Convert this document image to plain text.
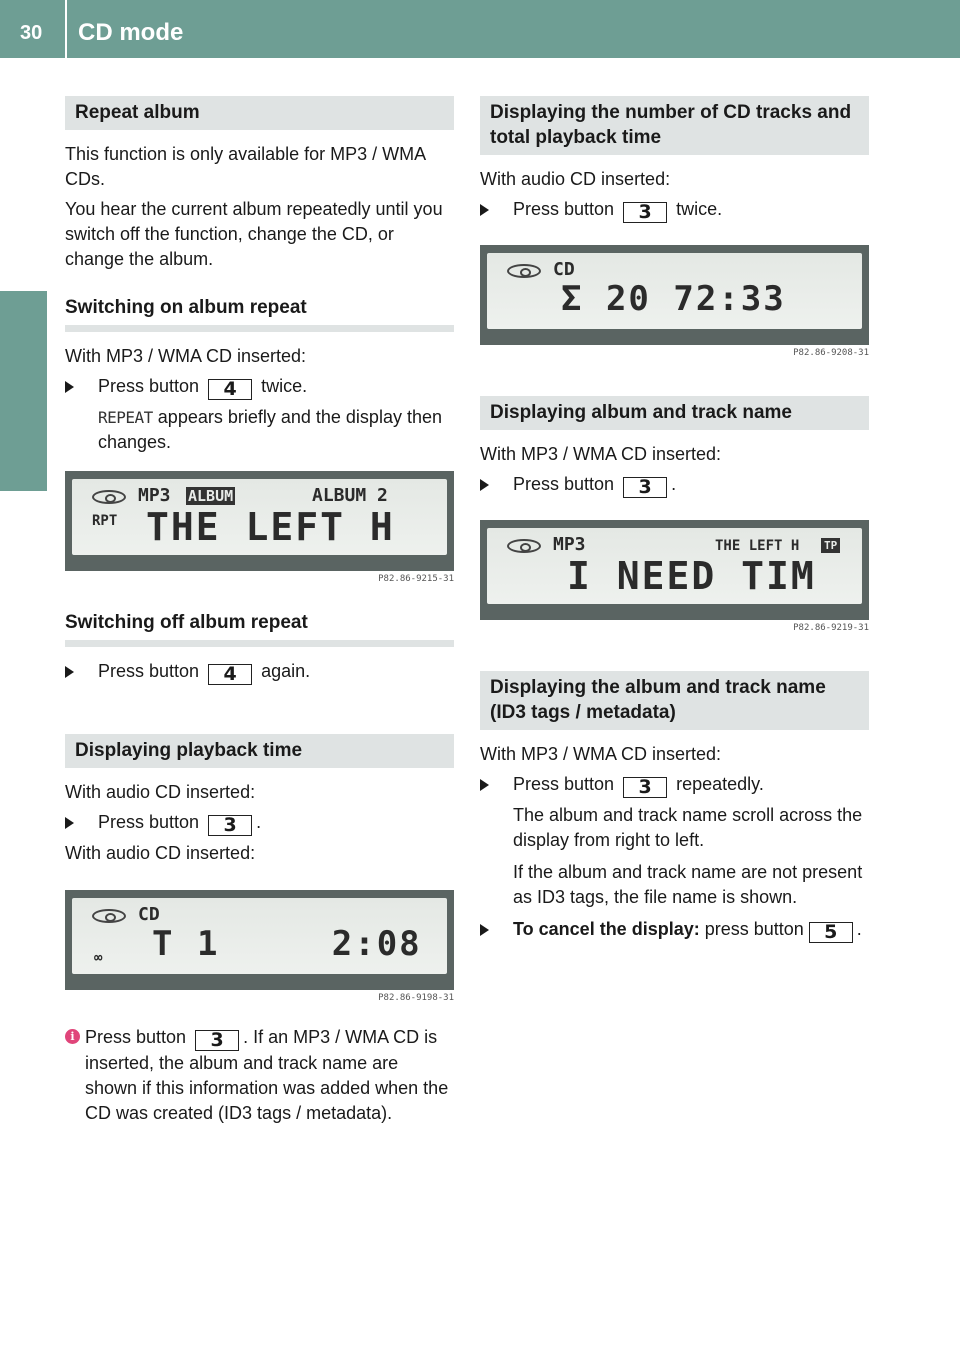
30 CD mode
CD mode
Repeat album

This function is only available for MP3 / WMA CDs.

You hear the current album repeatedly until you switch off the function, change the CD, or change the album.

Switching on album repeat

With MP3 / WMA CD inserted:

Press button 4 twice.
REPEAT appears briefly and the display then changes.
MP3 ALBUM	ALBUM 2
RPT THE LEFT H
P82.86-9215-31
Switching off album repeat
Press button 4 again.
Displaying playback time

With audio CD inserted:

Press button 3 .

With audio CD inserted:

CD
∞ T 1     2:08
P82.86-9198-31
i Press button 3 . If an MP3 / WMA CD is inserted, the album and track name are shown if this information was added when the CD was created (ID3 tags / metadata).
Displaying the number of CD tracks and total playback time

With audio CD inserted:

Press button 3 twice.
CD
Σ 20 72:33
P82.86-9208-31
Displaying album and track name

With MP3 / WMA CD inserted:

Press button 3 .
MP3	THE LEFT H TP
I NEED TIM
P82.86-9219-31
Displaying the album and track name (ID3 tags / metadata)

With MP3 / WMA CD inserted:

Press button 3 repeatedly.
The album and track name scroll across the display from right to left.
If the album and track name are not present as ID3 tags, the file name is shown.
To cancel the display: press button 5 .
